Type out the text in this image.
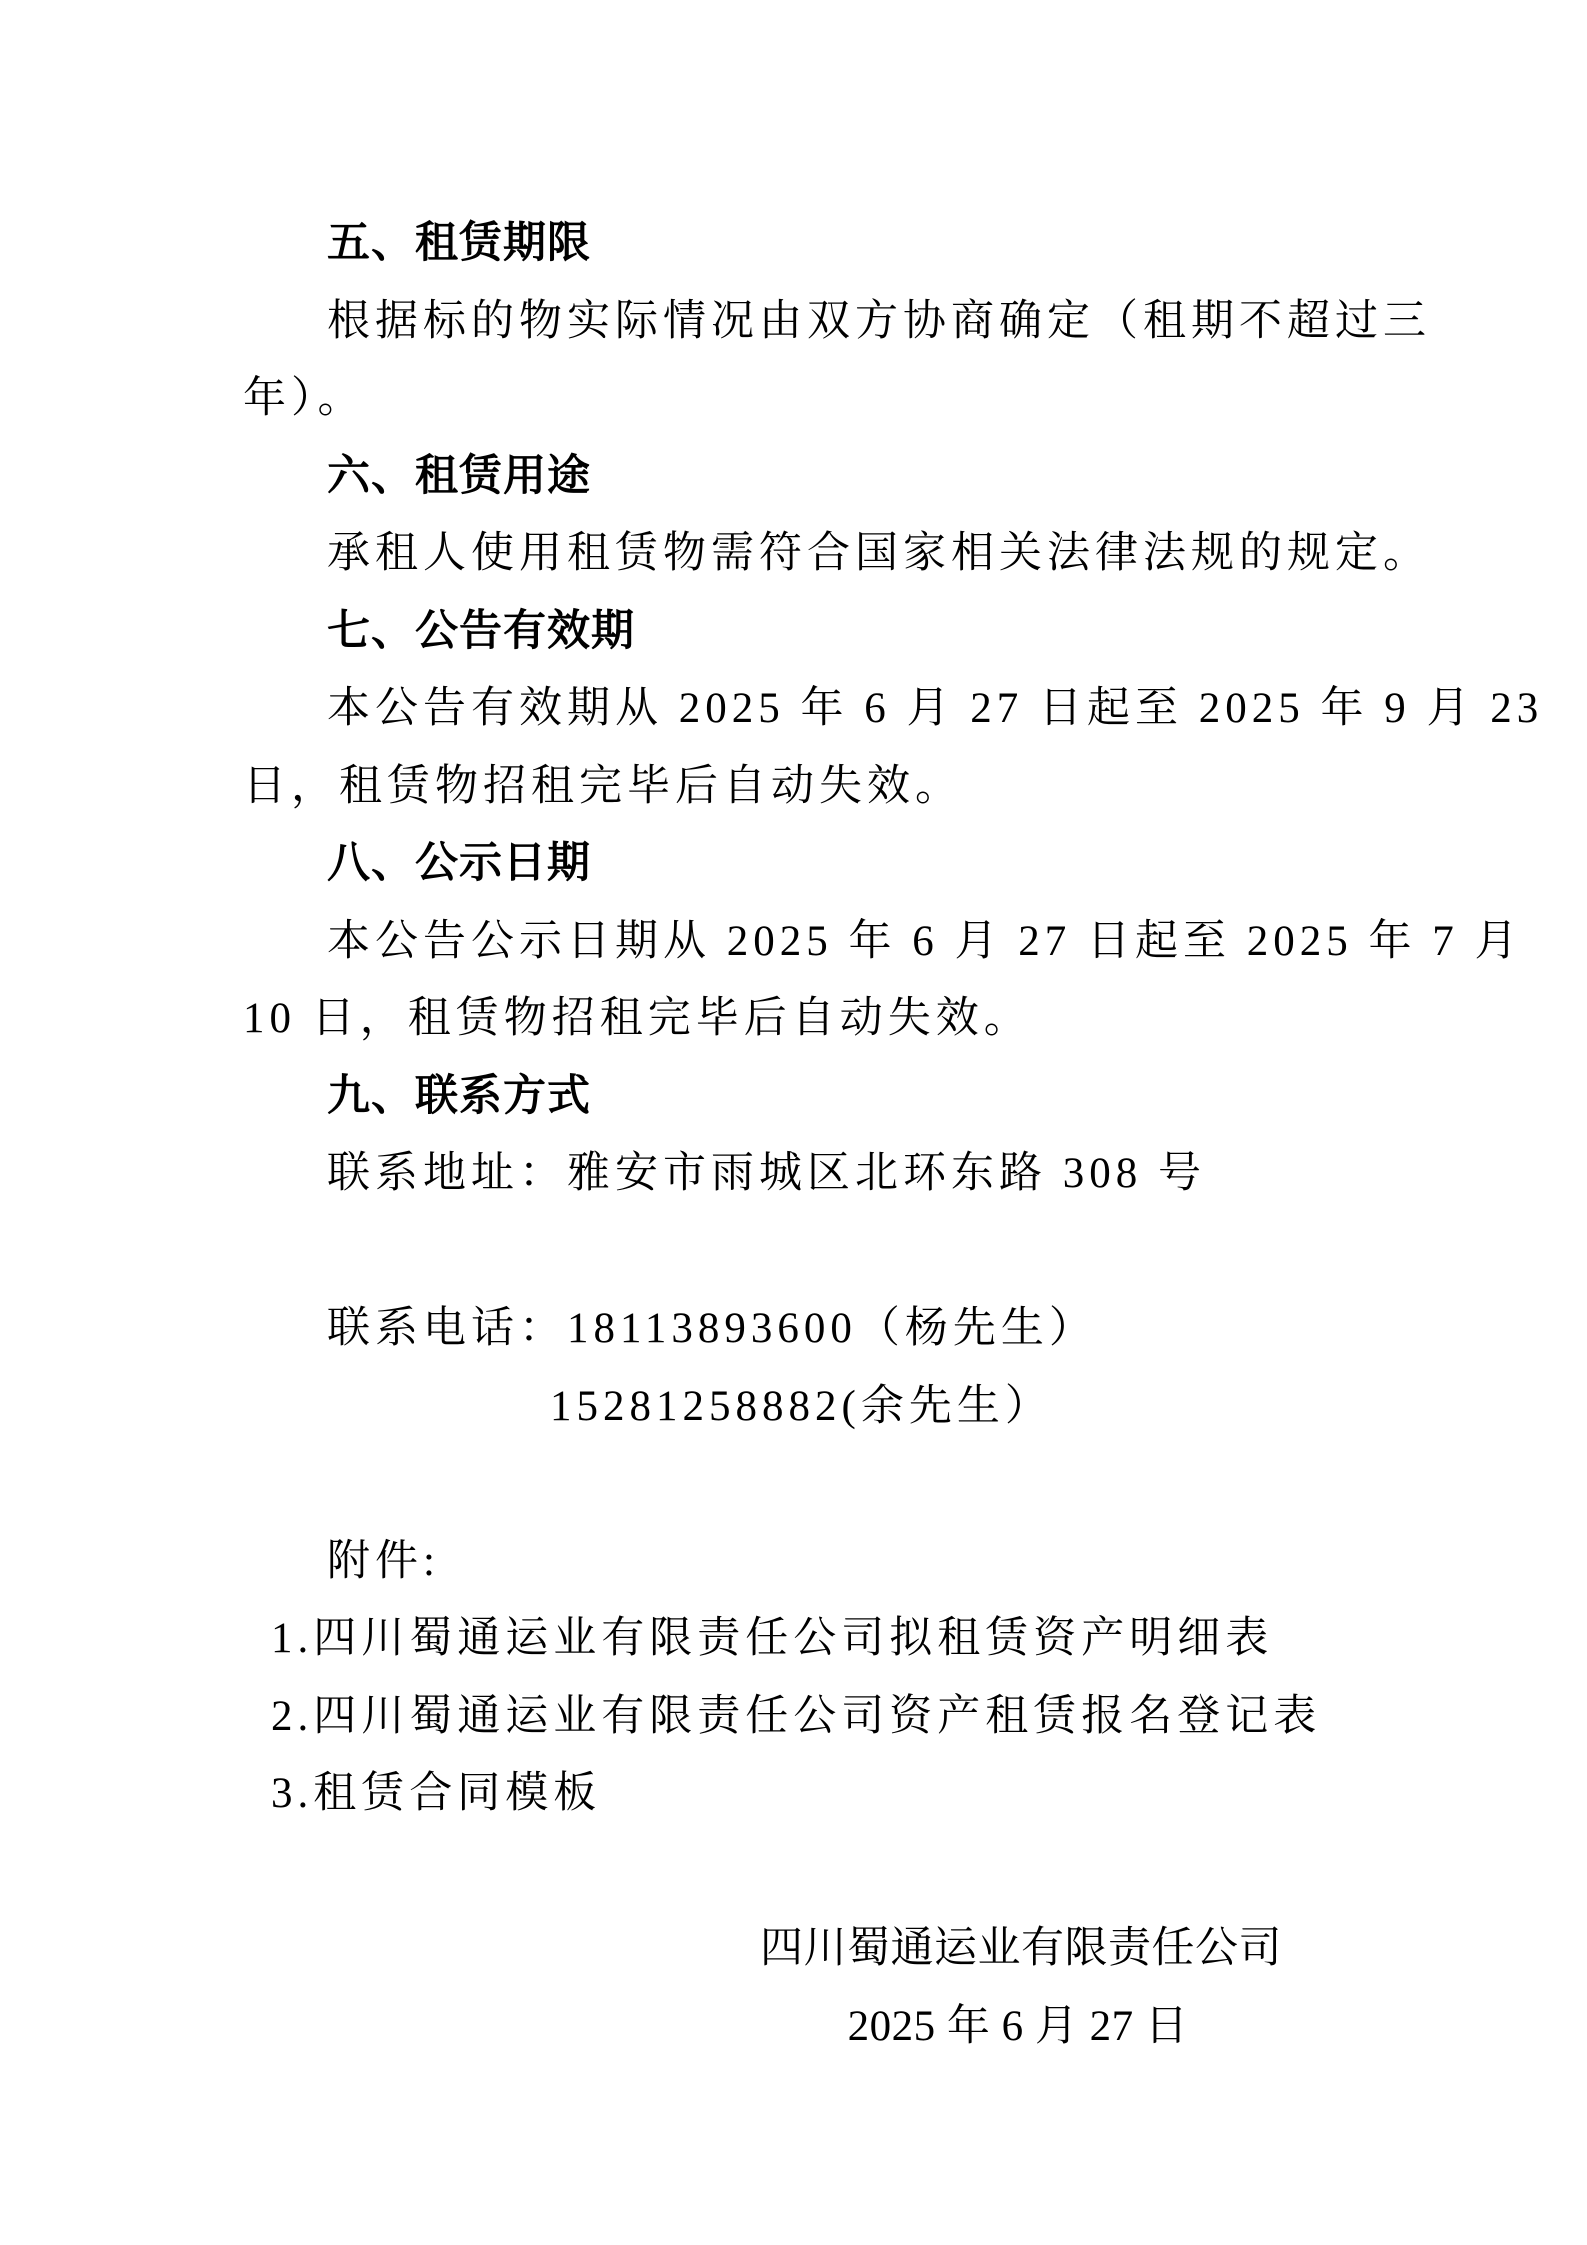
五、租赁期限
根据标的物实际情况由双方协商确定（租期不超过三
年）。
六、租赁用途
承租人使用租赁物需符合国家相关法律法规的规定。
七、公告有效期
本公告有效期从 2025 年 6 月 27 日起至 2025 年 9 月 23
日，租赁物招租完毕后自动失效。
八、公示日期
本公告公示日期从 2025 年 6 月 27 日起至 2025 年 7 月
10 日，租赁物招租完毕后自动失效。
九、联系方式
联系地址：雅安市雨城区北环东路 308 号
联系电话：18113893600（杨先生）
15281258882(余先生）
附件:
1.四川蜀通运业有限责任公司拟租赁资产明细表
2.四川蜀通运业有限责任公司资产租赁报名登记表
3.租赁合同模板
四川蜀通运业有限责任公司
2025 年 6 月 27 日
